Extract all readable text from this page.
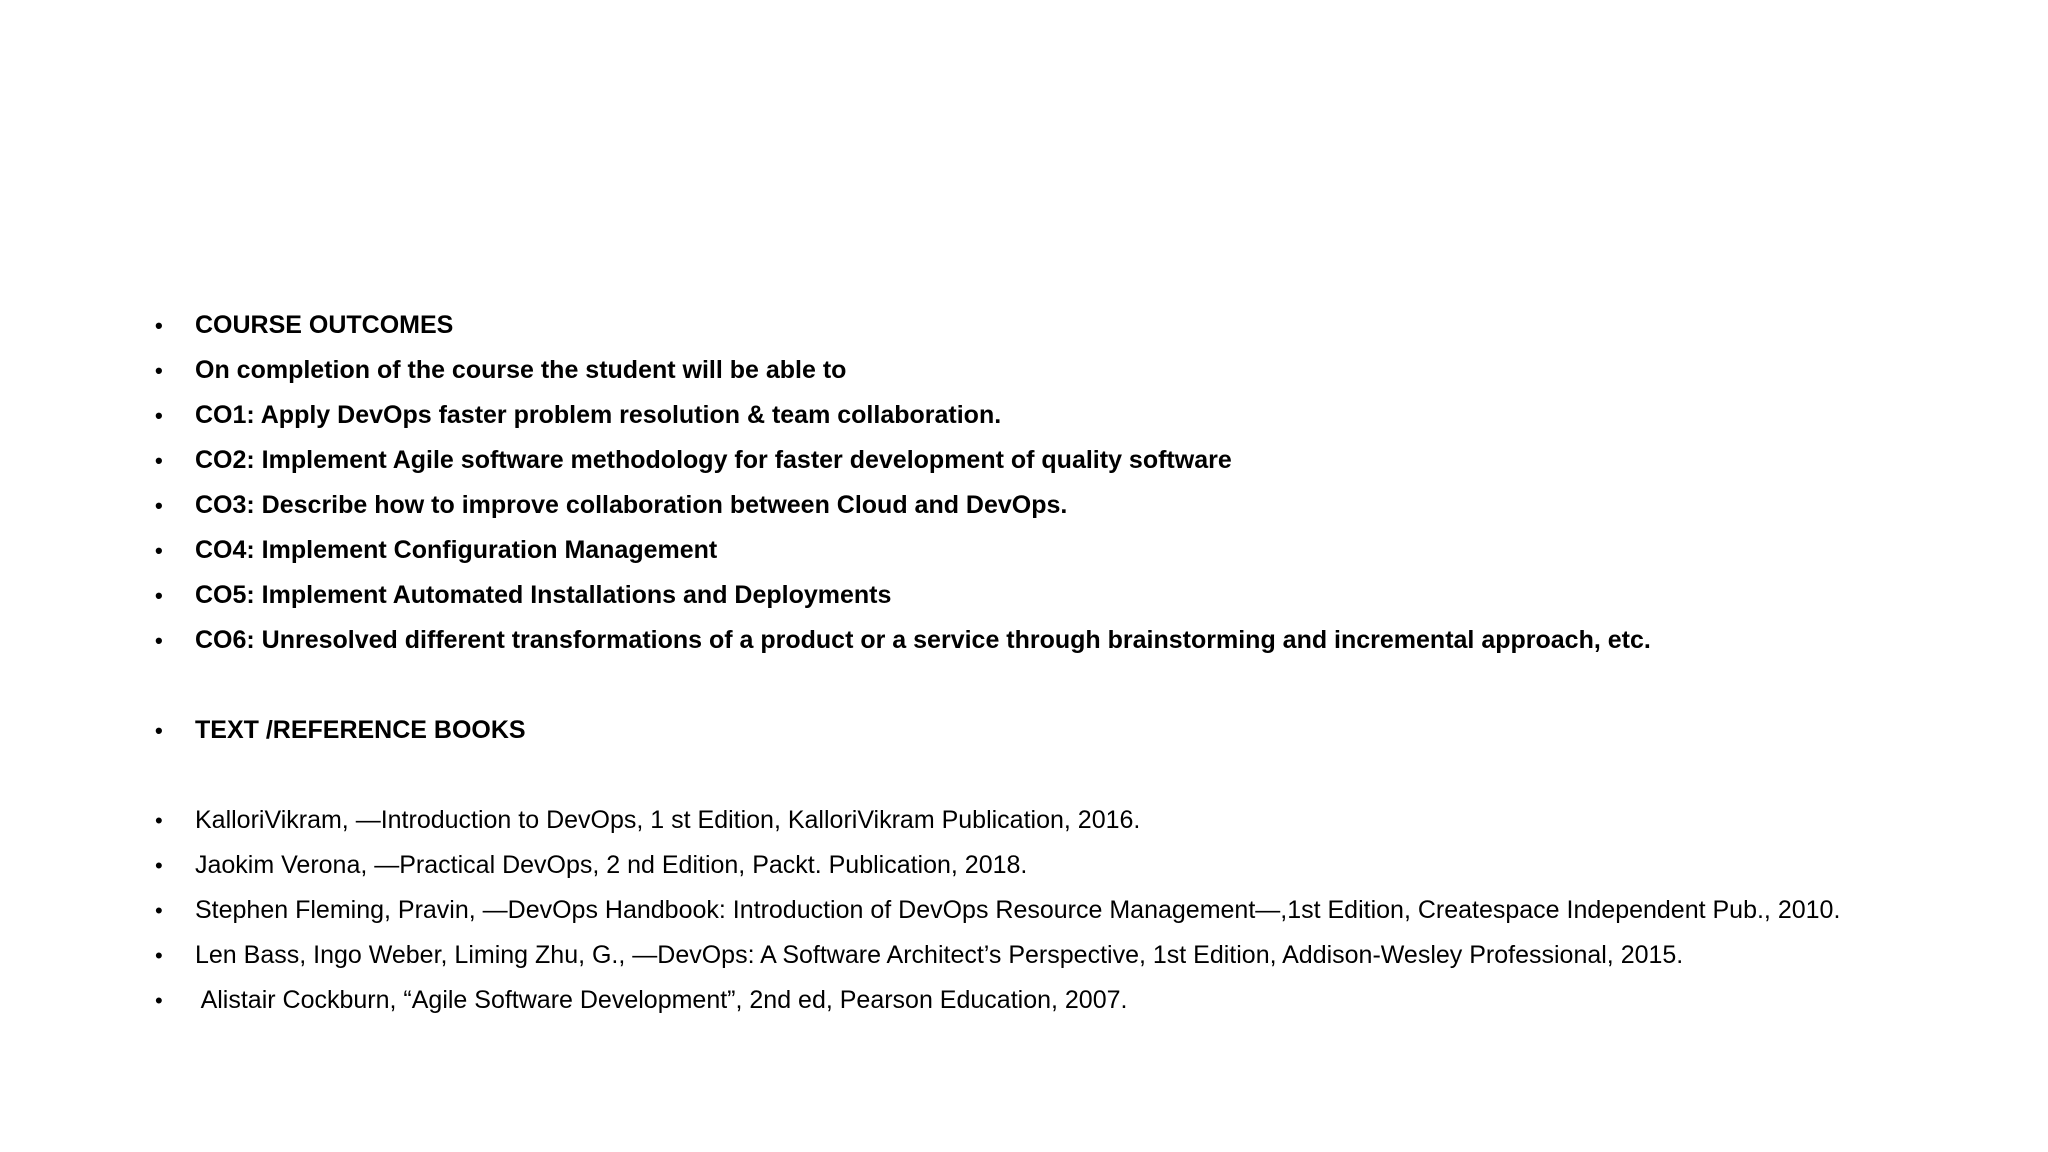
•	COURSE OUTCOMES
•	On completion of the course the student will be able to
•	CO1: Apply DevOps faster problem resolution & team collaboration.
•	CO2: Implement Agile software methodology for faster development of quality software
•	CO3: Describe how to improve collaboration between Cloud and DevOps.
•	CO4: Implement Configuration Management
•	CO5: Implement Automated Installations and Deployments
•	CO6: Unresolved different transformations of a product or a service through brainstorming and incremental approach, etc.
•	TEXT /REFERENCE BOOKS
•	KalloriVikram, —Introduction to DevOps, 1 st Edition, KalloriVikram Publication, 2016.
•	Jaokim Verona, —Practical DevOps, 2 nd Edition, Packt. Publication, 2018.
•	Stephen Fleming, Pravin, —DevOps Handbook: Introduction of DevOps Resource Management—,1st Edition, Createspace Independent Pub., 2010.
•	Len Bass, Ingo Weber, Liming Zhu, G., —DevOps: A Software Architect’s Perspective, 1st Edition, Addison-Wesley Professional, 2015.
•	Alistair Cockburn, “Agile Software Development”, 2nd ed, Pearson Education, 2007.
